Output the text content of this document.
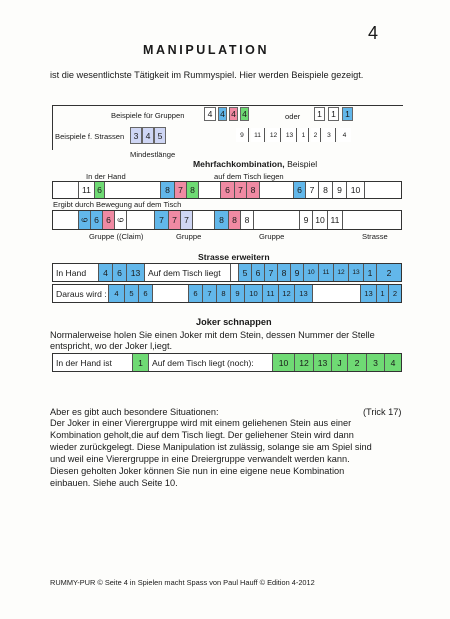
4
MANIPULATION
ist die wesentlichste Tätigkeit im Rummyspiel. Hier werden Beispiele gezeigt.
Beispiele für Gruppen	4 4 4 4	oder	1	1	1
Beispiele f. Strassen	3 4 5	9	11	12	13	1	2	3	4
Mindestlänge
Mehrfachkombination, Beispiel
In der Hand	auf dem Tisch liegen
11 6	8 7 8	6 7 8	6 7	8	9	10
Ergibt durch Bewegung auf dem Tisch
6 6 6 6	7 7 7	8 8 8	9 10 11
Gruppe ((Claim)	Gruppe	Gruppe	Strasse
Strasse erweitern
In Hand	4	6	13 Auf dem Tisch liegt	5 6 7 8 9	10	11	12	13 1	2
Daraus wird :	4	5	6	6	7	8	9	10	11	12	13	13	1	2
Joker schnappen
Normalerweise holen Sie einen Joker mit dem Stein, dessen Nummer der Stelle
entspricht, wo der Joker l,iegt.
In der Hand ist	1	Auf dem Tisch liegt (noch):	10	12	13	J	2	3	4
Aber es gibt auch besondere Situationen:	(Trick 17)
Der Joker in einer Vierergruppe wird mit einem geliehenen Stein aus einer
Kombination geholt,die auf dem Tisch liegt. Der geliehener Stein wird dann
wieder zurückgelegt. Diese Manipulation ist zulässig, solange sie am Spiel sind
und weil eine Vierergruppe in eine Dreiergruppe verwandelt werden kann.
Diesen geholten Joker können Sie nun in eine eigene neue Kombination
einbauen. Siehe auch Seite 10.
RUMMY-PUR © Seite 4 in Spielen macht Spass von Paul Hauff © Edition 4-2012
